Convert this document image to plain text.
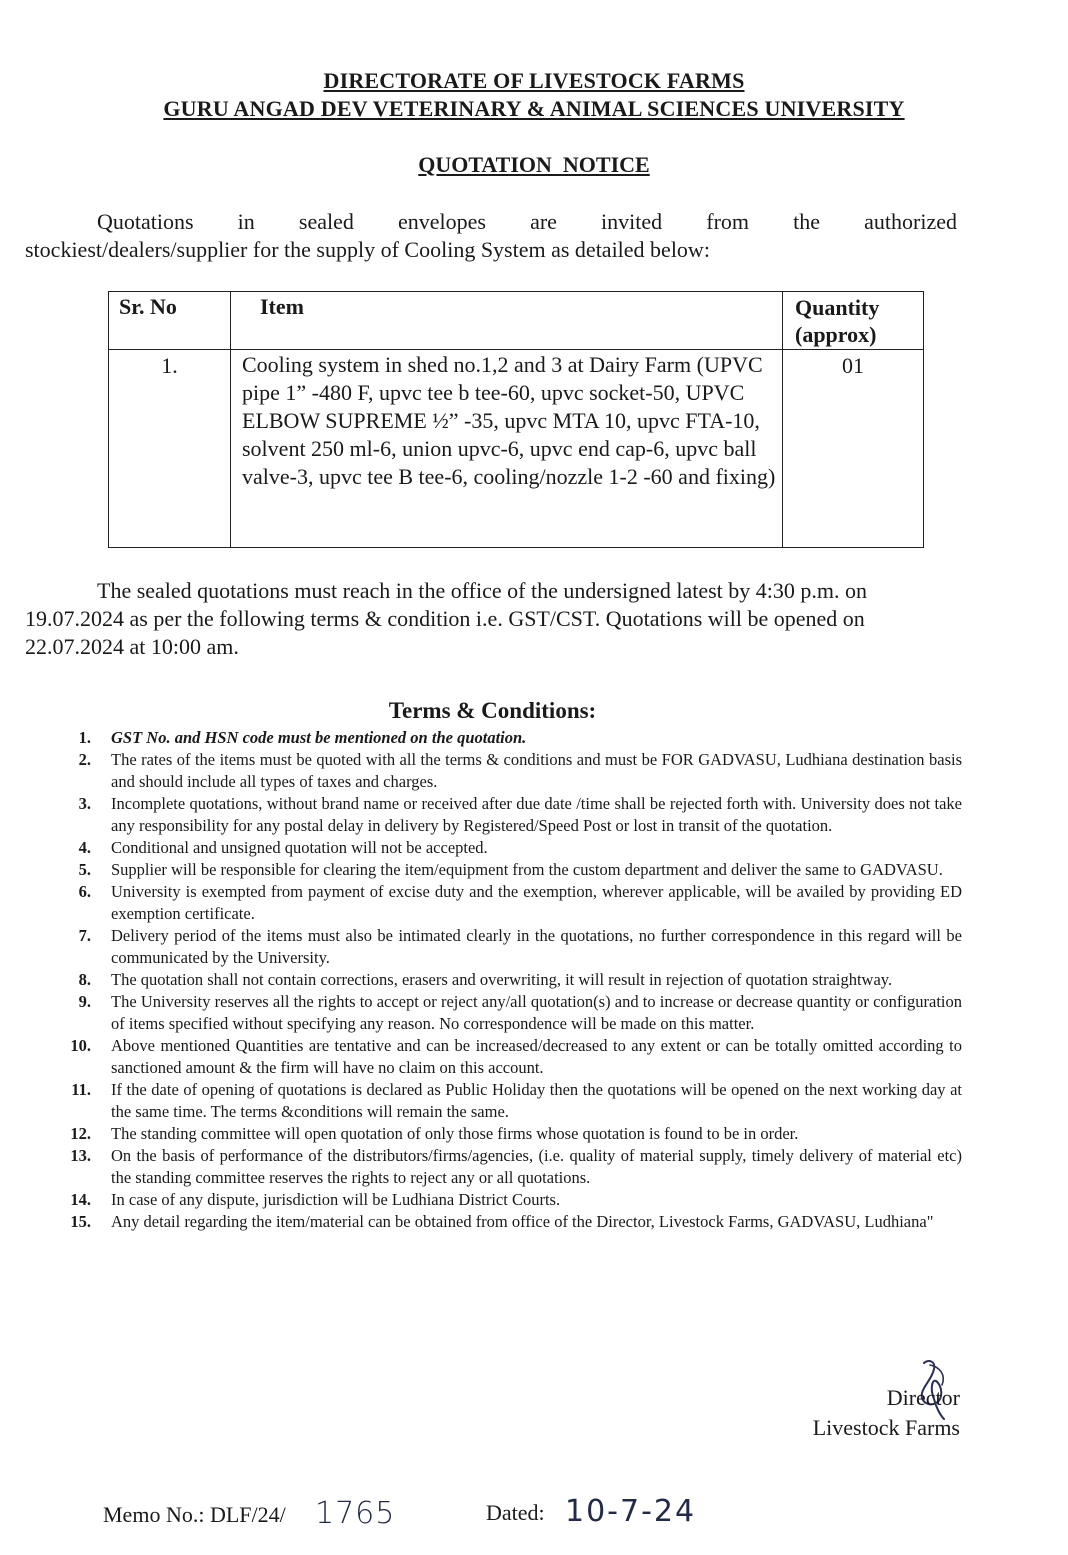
DIRECTORATE OF LIVESTOCK FARMS
GURU ANGAD DEV VETERINARY & ANIMAL SCIENCES UNIVERSITY
QUOTATION  NOTICE
Quotations in sealed envelopes are invited from the authorized
stockiest/dealers/supplier for the supply of Cooling System as detailed below:
Sr. No	Item	Quantity
(approx)
1.	Cooling system in shed no.1,2 and 3 at Dairy Farm (UPVC pipe 1” -480 F, upvc tee b tee-60, upvc socket-50, UPVC ELBOW SUPREME ½” -35, upvc MTA 10, upvc FTA-10, solvent 250 ml-6, union upvc-6, upvc end cap-6, upvc ball valve-3, upvc tee B tee-6, cooling/nozzle 1-2 -60 and fixing)	01
The sealed quotations must reach in the office of the undersigned latest by 4:30 p.m. on
19.07.2024 as per the following terms & condition i.e. GST/CST. Quotations will be opened on
22.07.2024 at 10:00 am.
Terms & Conditions:
1. GST No. and HSN code must be mentioned on the quotation.
2. The rates of the items must be quoted with all the terms & conditions and must be FOR GADVASU, Ludhiana destination basis and should include all types of taxes and charges.
3. Incomplete quotations, without brand name or received after due date /time shall be rejected forth with. University does not take any responsibility for any postal delay in delivery by Registered/Speed Post or lost in transit of the quotation.
4. Conditional and unsigned quotation will not be accepted.
5. Supplier will be responsible for clearing the item/equipment from the custom department and deliver the same to GADVASU.
6. University is exempted from payment of excise duty and the exemption, wherever applicable, will be availed by providing ED exemption certificate.
7. Delivery period of the items must also be intimated clearly in the quotations, no further correspondence in this regard will be communicated by the University.
8. The quotation shall not contain corrections, erasers and overwriting, it will result in rejection of quotation straightway.
9. The University reserves all the rights to accept or reject any/all quotation(s) and to increase or decrease quantity or configuration of items specified without specifying any reason. No correspondence will be made on this matter.
10. Above mentioned Quantities are tentative and can be increased/decreased to any extent or can be totally omitted according to sanctioned amount & the firm will have no claim on this account.
11. If the date of opening of quotations is declared as Public Holiday then the quotations will be opened on the next working day at the same time. The terms &conditions will remain the same.
12. The standing committee will open quotation of only those firms whose quotation is found to be in order.
13. On the basis of performance of the distributors/firms/agencies, (i.e. quality of material supply, timely delivery of material etc) the standing committee reserves the rights to reject any or all quotations.
14. In case of any dispute, jurisdiction will be Ludhiana District Courts.
15. Any detail regarding the item/material can be obtained from office of the Director, Livestock Farms, GADVASU, Ludhiana"
Director
Livestock Farms
Memo No.: DLF/24/ 1765	Dated: 10-7-24
